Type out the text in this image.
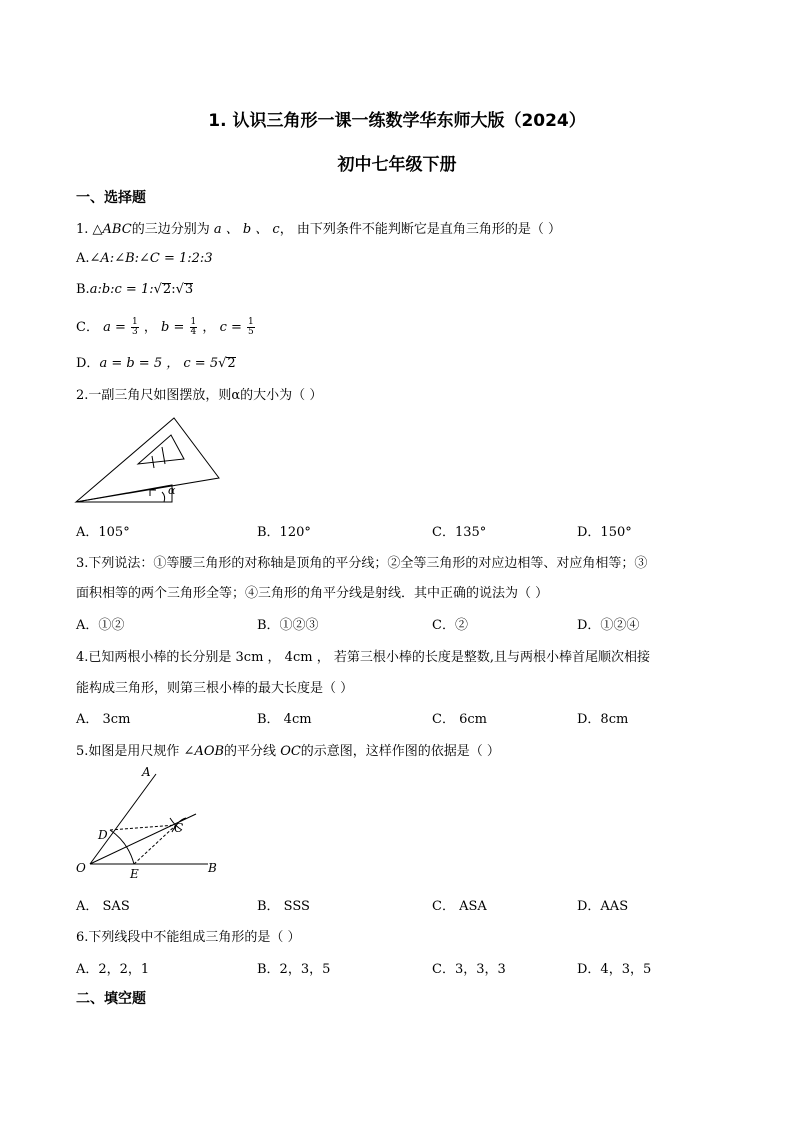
1. 认识三角形一课一练数学华东师大版（2024）
初中七年级下册
一、选择题
1. △ABC的三边分别为 a 、 b 、 c， 由下列条件不能判断它是直角三角形的是（ ）
A.∠A:∠B:∠C = 1:2:3
B.a:b:c = 1:√2:√3
C． $a = \frac{1}{3}$ ， $b = \frac{1}{4}$ ， $c = \frac{1}{5}$
D．a = b = 5 ， c = 5√2
2.一副三角尺如图摆放，则α的大小为（ ）
α
A．105°	B．120°	C．135°	D．150°
3.下列说法：①等腰三角形的对称轴是顶角的平分线；②全等三角形的对应边相等、对应角相等；③
面积相等的两个三角形全等；④三角形的角平分线是射线．其中正确的说法为（ ）
A．①②	B．①②③	C．②	D．①②④
4.已知两根小棒的长分别是 3cm ， 4cm ， 若第三根小棒的长度是整数,且与两根小棒首尾顺次相接
能构成三角形，则第三根小棒的最大长度是（ ）
A． 3cm	B． 4cm	C． 6cm	D．8cm
5.如图是用尺规作 ∠AOB的平分线 OC的示意图，这样作图的依据是（ ）
A
B
C
D
E
O
A． SAS	B． SSS	C． ASA	D．AAS
6.下列线段中不能组成三角形的是（ ）
A．2，2，1	B．2，3，5	C．3，3，3	D．4，3，5
二、填空题
